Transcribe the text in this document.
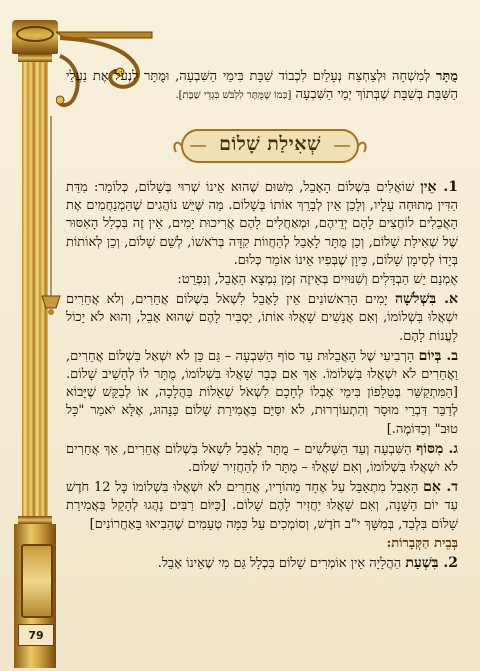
79
מֻתָּר לְמִשְׁחָה וּלְצַחְצַח נְעָלַיִם לִכְבוֹד שַׁבָּת בִּימֵי הַשִּׁבְעָה, וּמֻתָּר לִנְעֹל אֶת נַעֲלֵי הַשַּׁבָּת בְּשַׁבָּת שֶׁבְּתוֹךְ יְמֵי הַשִּׁבְעָה [כְּמוֹ שֶׁמֻּתָּר לִלְבֹּשׁ בִּגְדֵי שַׁבָּת].
שְׁאִילַת שָׁלוֹם

1. אֵין שׁוֹאֲלִים בִּשְׁלוֹם הָאָבֵל, מִשּׁוּם שֶׁהוּא אֵינוֹ שְׁרוּי בְּשָׁלוֹם, כְּלוֹמַר: מִדַּת הַדִּין מְתוּחָה עָלָיו, וְלָכֵן אֵין לְבָרֵךְ אוֹתוֹ בְּשָׁלוֹם. מַה שֶּׁיֵּשׁ נוֹהֲגִים שֶׁהַמְנַחֲמִים אֶת הָאֲבֵלִים לוֹחֲצִים לָהֶם יְדֵיהֶם, וּמְאַחֲלִים לָהֶם אֲרִיכוּת יָמִים, אֵין זֶה בִּכְלַל הָאִסּוּר שֶׁל שְׁאִילַת שָׁלוֹם, וְכֵן מֻתָּר לָאָבֵל לְהַחֲווֹת קִדָּה בְּרֹאשׁוֹ, לְשֵׁם שָׁלוֹם, וְכֵן לְאוֹתוֹת בְּיָדוֹ לְסִימָן שָׁלוֹם, כֵּיוָן שֶׁבְּפִיו אֵינוֹ אוֹמֵר כְּלוּם.

אֻמְנָם יֵשׁ הַבְדָּלִים וְשִׁנּוּיִים בְּאֵיזֶה זְמַן נִמְצָא הָאָבֵל, וְנִפְרֵט:

א. בִּשְׁלֹשָׁה יָמִים הָרִאשׁוֹנִים אֵין לָאָבֵל לִשְׁאֹל בִּשְׁלוֹם אֲחֵרִים, וְלֹא אֲחֵרִים יִשְׁאֲלוּ בִּשְׁלוֹמוֹ, וְאִם אֲנָשִׁים שָׁאֲלוּ אוֹתוֹ, יַסְבִּיר לָהֶם שֶׁהוּא אָבֵל, וְהוּא לֹא יָכוֹל לַעֲנוֹת לָהֶם.

ב. בְּיוֹם הָרְבִיעִי שֶׁל הָאֲבֵלוּת עַד סוֹף הַשִּׁבְעָה – גַּם כֵּן לֹא יִשְׁאַל בִּשְׁלוֹם אֲחֵרִים, וַאֲחֵרִים לֹא יִשְׁאֲלוּ בִּשְׁלוֹמוֹ. אַךְ אִם כְּבָר שָׁאֲלוּ בִּשְׁלוֹמוֹ, מֻתָּר לוֹ לְהָשִׁיב שָׁלוֹם. [הַמִּתְקַשֵּׁר בְּטֵלֵפוֹן בִּימֵי אֶבְלוֹ לְחָכָם לִשְׁאֹל שְׁאֵלוֹת בַּהֲלָכָה, אוֹ לְבַקֵּשׁ שֶׁיָּבוֹא לְדַבֵּר דִּבְרֵי מוּסָר וְהִתְעוֹרְרוּת, לֹא יִסַּיֵּם בַּאֲמִירַת שָׁלוֹם כַּנָּהוּג, אֶלָּא יֹאמַר "כָּל טוּב" וְכַדּוֹמֶה.]

ג. מִסּוֹף הַשִּׁבְעָה וְעַד הַשְּׁלֹשִׁים – מֻתָּר לָאָבֵל לִשְׁאֹל בִּשְׁלוֹם אֲחֵרִים, אַךְ אֲחֵרִים לֹא יִשְׁאֲלוּ בִּשְׁלוֹמוֹ, וְאִם שָׁאֲלוּ – מֻתָּר לוֹ לְהַחֲזִיר שָׁלוֹם.

ד. אִם הָאָבֵל מִתְאַבֵּל עַל אֶחָד מֵהוֹרָיו, אֲחֵרִים לֹא יִשְׁאֲלוּ בִּשְׁלוֹמוֹ כָּל 12 חֹדֶשׁ עַד יוֹם הַשָּׁנָה, וְאִם שָׁאֲלוּ יַחֲזִיר לָהֶם שָׁלוֹם. [כַּיּוֹם רַבִּים נָהֲגוּ לְהָקֵל בַּאֲמִירַת שָׁלוֹם בִּלְבַד, בְּמִשָּׁךְ י"ב חֹדֶשׁ, וְסוֹמְכִים עַל כַּמָּה טְעָמִים שֶׁהֵבִיאוּ בָּאַחֲרוֹנִים]

בְּבֵית הַקְּבָרוֹת:

2. בִּשְׁעַת הַהֲלָיָה אֵין אוֹמְרִים שָׁלוֹם בִּכְלָל גַּם מִי שֶׁאֵינוֹ אָבֵל.
